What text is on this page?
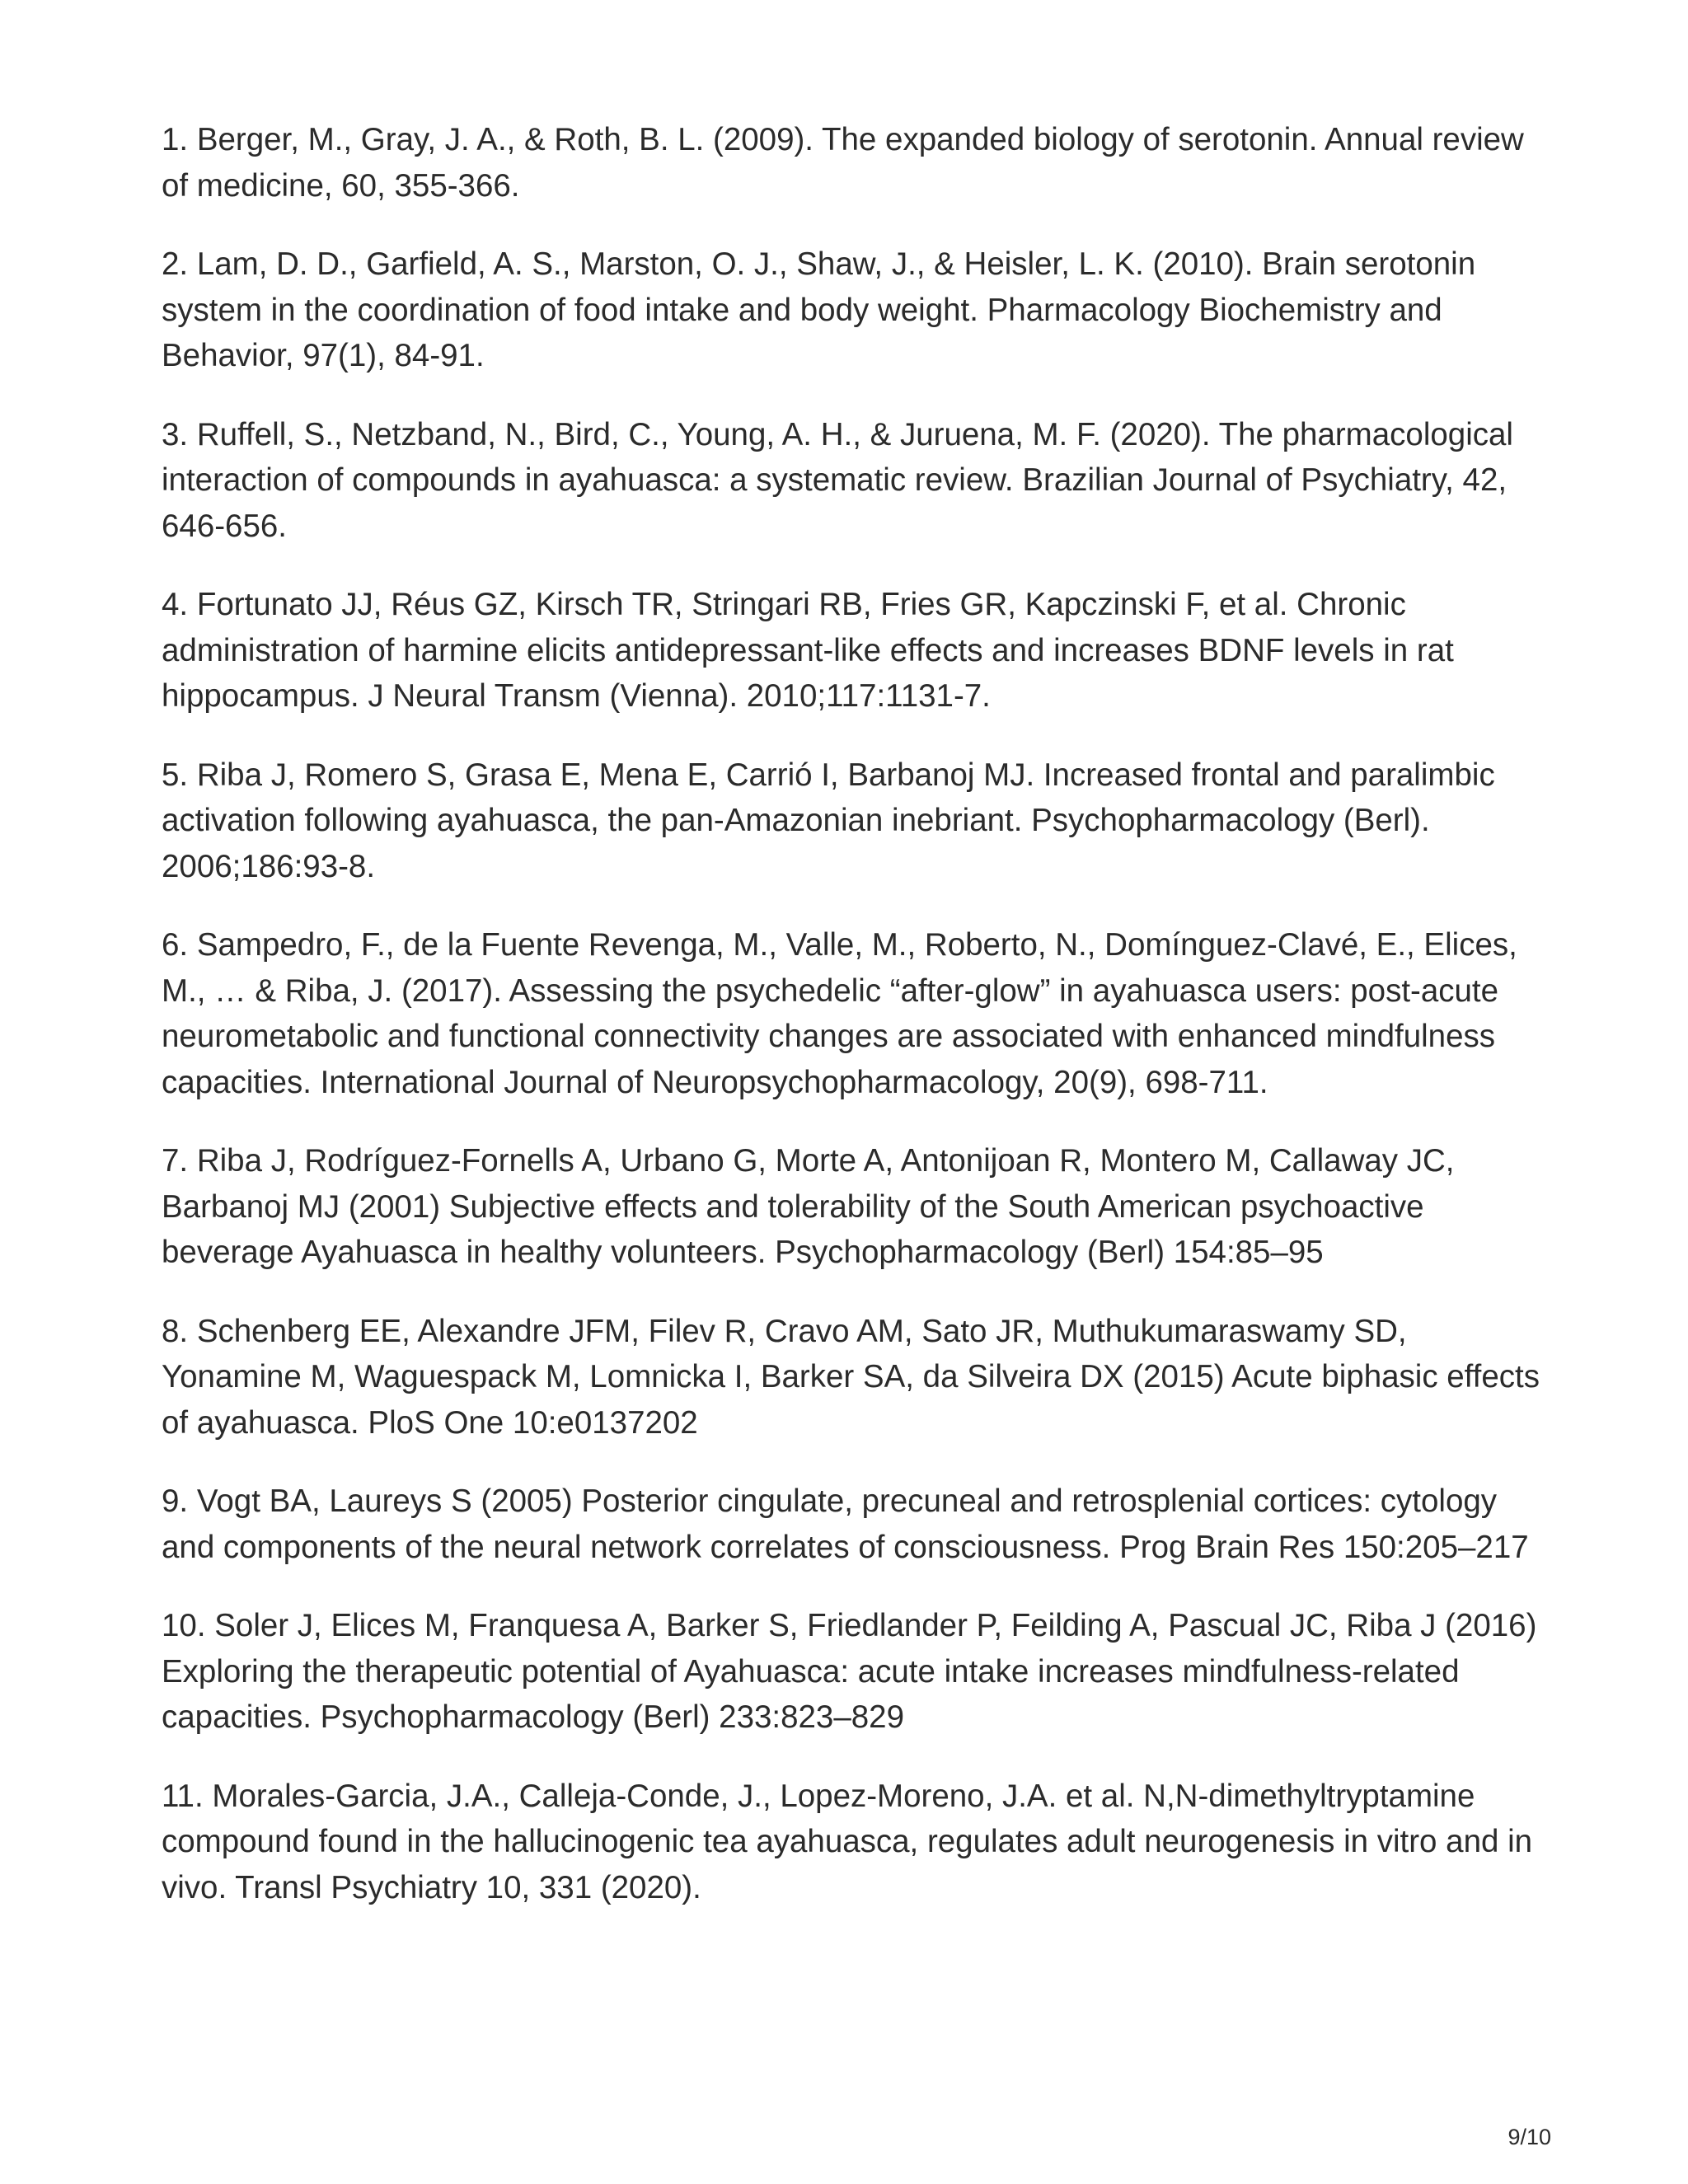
1. Berger, M., Gray, J. A., & Roth, B. L. (2009). The expanded biology of serotonin. Annual review of medicine, 60, 355-366.
2. Lam, D. D., Garfield, A. S., Marston, O. J., Shaw, J., & Heisler, L. K. (2010). Brain serotonin system in the coordination of food intake and body weight. Pharmacology Biochemistry and Behavior, 97(1), 84-91.
3. Ruffell, S., Netzband, N., Bird, C., Young, A. H., & Juruena, M. F. (2020). The pharmacological interaction of compounds in ayahuasca: a systematic review. Brazilian Journal of Psychiatry, 42, 646-656.
4. Fortunato JJ, Réus GZ, Kirsch TR, Stringari RB, Fries GR, Kapczinski F, et al. Chronic administration of harmine elicits antidepressant-like effects and increases BDNF levels in rat hippocampus. J Neural Transm (Vienna). 2010;117:1131-7.
5. Riba J, Romero S, Grasa E, Mena E, Carrió I, Barbanoj MJ. Increased frontal and paralimbic activation following ayahuasca, the pan-Amazonian inebriant. Psychopharmacology (Berl). 2006;186:93-8.
6. Sampedro, F., de la Fuente Revenga, M., Valle, M., Roberto, N., Domínguez-Clavé, E., Elices, M., … & Riba, J. (2017). Assessing the psychedelic “after-glow” in ayahuasca users: post-acute neurometabolic and functional connectivity changes are associated with enhanced mindfulness capacities. International Journal of Neuropsychopharmacology, 20(9), 698-711.
7. Riba J, Rodríguez-Fornells A, Urbano G, Morte A, Antonijoan R, Montero M, Callaway JC, Barbanoj MJ (2001) Subjective effects and tolerability of the South American psychoactive beverage Ayahuasca in healthy volunteers. Psychopharmacology (Berl) 154:85–95
8. Schenberg EE, Alexandre JFM, Filev R, Cravo AM, Sato JR, Muthukumaraswamy SD, Yonamine M, Waguespack M, Lomnicka I, Barker SA, da Silveira DX (2015) Acute biphasic effects of ayahuasca. PloS One 10:e0137202
9. Vogt BA, Laureys S (2005) Posterior cingulate, precuneal and retrosplenial cortices: cytology and components of the neural network correlates of consciousness. Prog Brain Res 150:205–217
10. Soler J, Elices M, Franquesa A, Barker S, Friedlander P, Feilding A, Pascual JC, Riba J (2016) Exploring the therapeutic potential of Ayahuasca: acute intake increases mindfulness-related capacities. Psychopharmacology (Berl) 233:823–829
11. Morales-Garcia, J.A., Calleja-Conde, J., Lopez-Moreno, J.A. et al. N,N-dimethyltryptamine compound found in the hallucinogenic tea ayahuasca, regulates adult neurogenesis in vitro and in vivo. Transl Psychiatry 10, 331 (2020).
9/10
